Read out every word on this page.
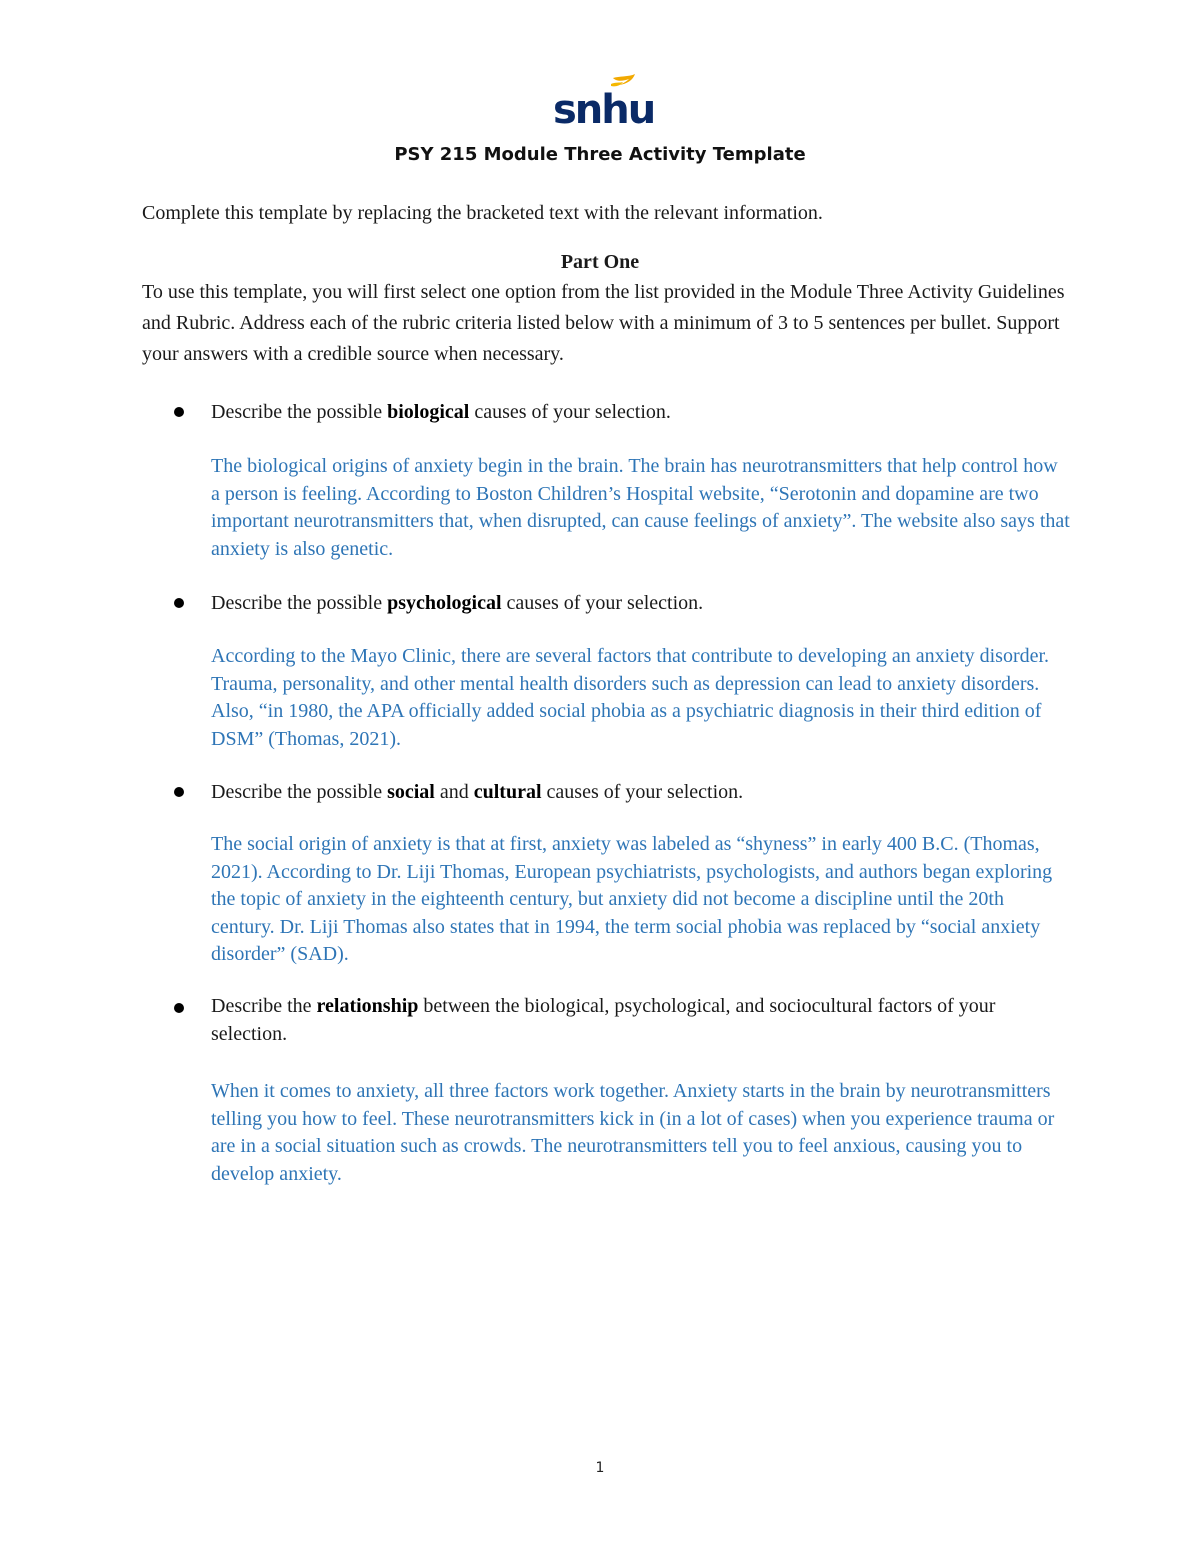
snhu
PSY 215 Module Three Activity Template

Complete this template by replacing the bracketed text with the relevant information.

Part One

To use this template, you will first select one option from the list provided in the Module Three Activity Guidelines and Rubric. Address each of the rubric criteria listed below with a minimum of 3 to 5 sentences per bullet. Support your answers with a credible source when necessary.

Describe the possible biological causes of your selection.

The biological origins of anxiety begin in the brain. The brain has neurotransmitters that help control how a person is feeling. According to Boston Children’s Hospital website, “Serotonin and dopamine are two important neurotransmitters that, when disrupted, can cause feelings of anxiety”. The website also says that anxiety is also genetic.

Describe the possible psychological causes of your selection.

According to the Mayo Clinic, there are several factors that contribute to developing an anxiety disorder. Trauma, personality, and other mental health disorders such as depression can lead to anxiety disorders. Also, “in 1980, the APA officially added social phobia as a psychiatric diagnosis in their third edition of DSM” (Thomas, 2021).

Describe the possible social and cultural causes of your selection.

The social origin of anxiety is that at first, anxiety was labeled as “shyness” in early 400 B.C. (Thomas, 2021). According to Dr. Liji Thomas, European psychiatrists, psychologists, and authors began exploring the topic of anxiety in the eighteenth century, but anxiety did not become a discipline until the 20th century. Dr. Liji Thomas also states that in 1994, the term social phobia was replaced by “social anxiety disorder” (SAD).

Describe the relationship between the biological, psychological, and sociocultural factors of your selection.

When it comes to anxiety, all three factors work together. Anxiety starts in the brain by neurotransmitters telling you how to feel. These neurotransmitters kick in (in a lot of cases) when you experience trauma or are in a social situation such as crowds. The neurotransmitters tell you to feel anxious, causing you to develop anxiety.

1
